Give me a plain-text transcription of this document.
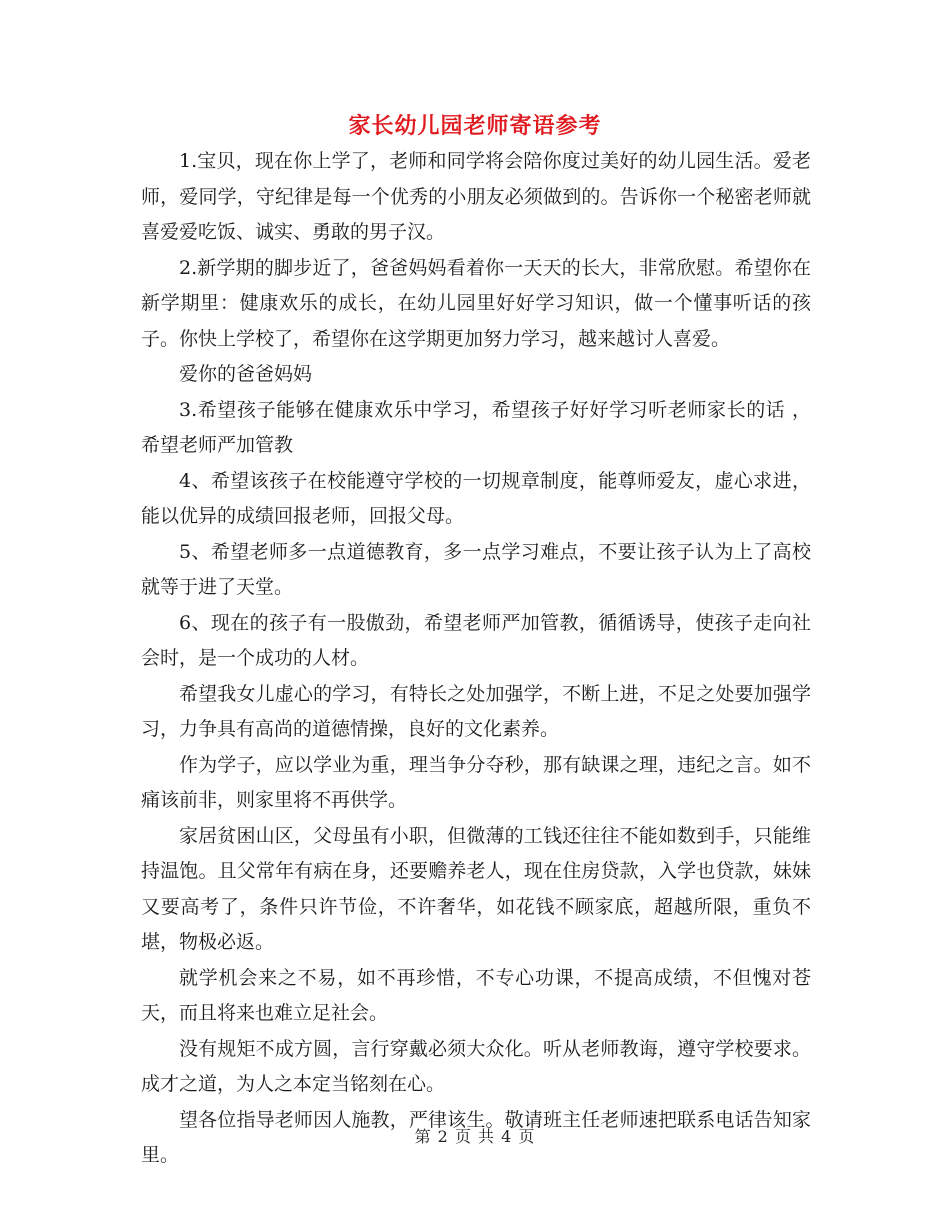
家长幼儿园老师寄语参考

1.宝贝，现在你上学了，老师和同学将会陪你度过美好的幼儿园生活。爱老师，爱同学，守纪律是每一个优秀的小朋友必须做到的。告诉你一个秘密老师就喜爱爱吃饭、诚实、勇敢的男子汉。

2.新学期的脚步近了，爸爸妈妈看着你一天天的长大，非常欣慰。希望你在新学期里：健康欢乐的成长，在幼儿园里好好学习知识，做一个懂事听话的孩子。你快上学校了，希望你在这学期更加努力学习，越来越讨人喜爱。

爱你的爸爸妈妈

3.希望孩子能够在健康欢乐中学习，希望孩子好好学习听老师家长的话 ，希望老师严加管教

4、希望该孩子在校能遵守学校的一切规章制度，能尊师爱友，虚心求进，能以优异的成绩回报老师，回报父母。

5、希望老师多一点道德教育，多一点学习难点，不要让孩子认为上了高校就等于进了天堂。

6、现在的孩子有一股傲劲，希望老师严加管教，循循诱导，使孩子走向社会时，是一个成功的人材。

希望我女儿虚心的学习，有特长之处加强学，不断上进，不足之处要加强学习，力争具有高尚的道德情操，良好的文化素养。

作为学子，应以学业为重，理当争分夺秒，那有缺课之理，违纪之言。如不痛该前非，则家里将不再供学。

家居贫困山区，父母虽有小职，但微薄的工钱还往往不能如数到手，只能维持温饱。且父常年有病在身，还要赡养老人，现在住房贷款，入学也贷款，妹妹又要高考了，条件只许节俭，不许奢华，如花钱不顾家底，超越所限，重负不堪，物极必返。

就学机会来之不易，如不再珍惜，不专心功课，不提高成绩，不但愧对苍天，而且将来也难立足社会。

没有规矩不成方圆，言行穿戴必须大众化。听从老师教诲，遵守学校要求。成才之道，为人之本定当铭刻在心。

望各位指导老师因人施教，严律该生。敬请班主任老师速把联系电话告知家里。

第 2 页 共 4 页
